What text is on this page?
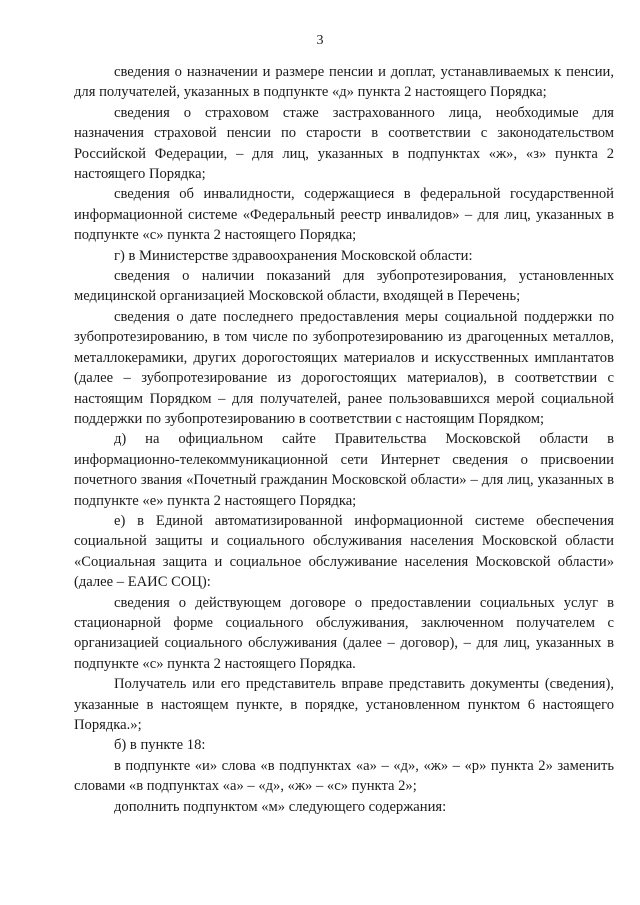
3

сведения о назначении и размере пенсии и доплат, устанавливаемых к пенсии, для получателей, указанных в подпункте «д» пункта 2 настоящего Порядка;

сведения о страховом стаже застрахованного лица, необходимые для назначения страховой пенсии по старости в соответствии с законодательством Российской Федерации, – для лиц, указанных в подпунктах «ж», «з» пункта 2 настоящего Порядка;

сведения об инвалидности, содержащиеся в федеральной государственной информационной системе «Федеральный реестр инвалидов» – для лиц, указанных в подпункте «с» пункта 2 настоящего Порядка;

г) в Министерстве здравоохранения Московской области:

сведения о наличии показаний для зубопротезирования, установленных медицинской организацией Московской области, входящей в Перечень;

сведения о дате последнего предоставления меры социальной поддержки по зубопротезированию, в том числе по зубопротезированию из драгоценных металлов, металлокерамики, других дорогостоящих материалов и искусственных имплантатов (далее – зубопротезирование из дорогостоящих материалов), в соответствии с настоящим Порядком – для получателей, ранее пользовавшихся мерой социальной поддержки по зубопротезированию в соответствии с настоящим Порядком;

д) на официальном сайте Правительства Московской области в информационно-телекоммуникационной сети Интернет сведения о присвоении почетного звания «Почетный гражданин Московской области» – для лиц, указанных в подпункте «е» пункта 2 настоящего Порядка;

е) в Единой автоматизированной информационной системе обеспечения социальной защиты и социального обслуживания населения Московской области «Социальная защита и социальное обслуживание населения Московской области» (далее – ЕАИС СОЦ):

сведения о действующем договоре о предоставлении социальных услуг в стационарной форме социального обслуживания, заключенном получателем с организацией социального обслуживания (далее – договор), – для лиц, указанных в подпункте «с» пункта 2 настоящего Порядка.

Получатель или его представитель вправе представить документы (сведения), указанные в настоящем пункте, в порядке, установленном пунктом 6 настоящего Порядка.»;

б) в пункте 18:

в подпункте «и» слова «в подпунктах «а» – «д», «ж» – «р» пункта 2» заменить словами «в подпунктах «а» – «д», «ж» – «с» пункта 2»;

дополнить подпунктом «м» следующего содержания:
